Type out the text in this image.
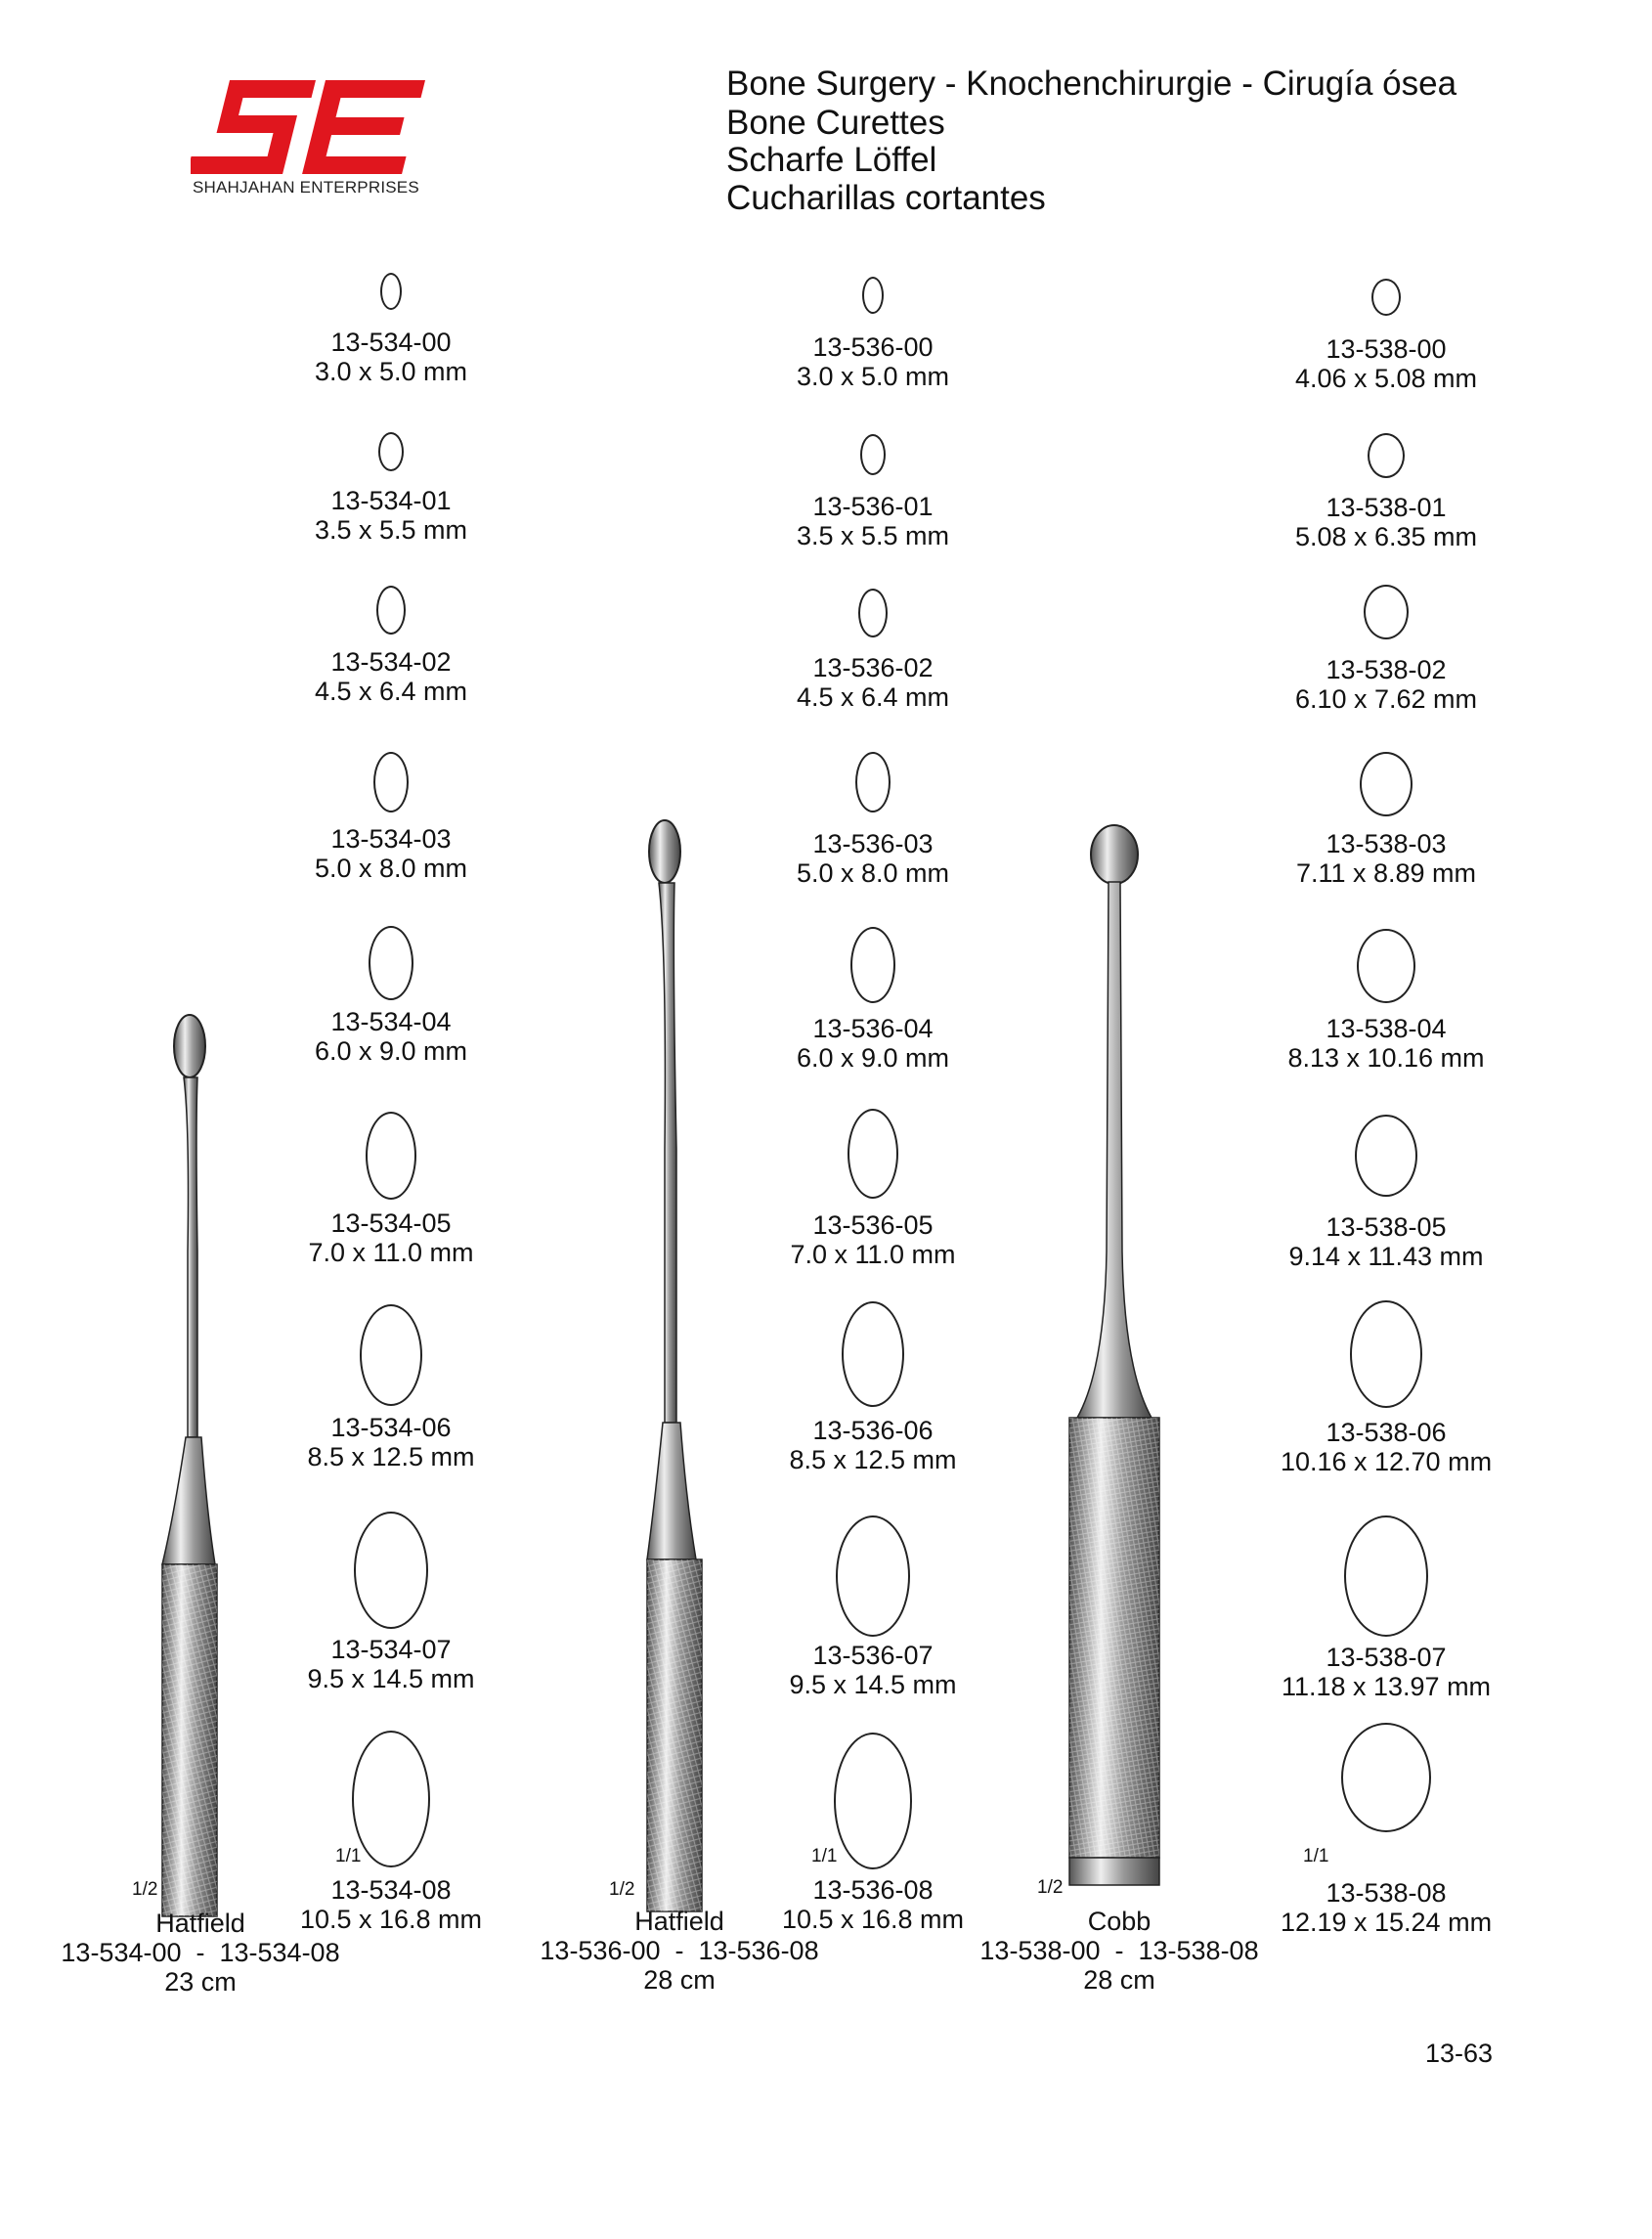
SHAHJAHAN ENTERPRISES
Bone Surgery - Knochenchirurgie - Cirugía ósea
Bone Curettes
Scharfe Löffel
Cucharillas cortantes
13-534-00
3.0 x 5.0 mm
13-534-01
3.5 x 5.5 mm
13-534-02
4.5 x 6.4 mm
13-534-03
5.0 x 8.0 mm
13-534-04
6.0 x 9.0 mm
13-534-05
7.0 x 11.0 mm
13-534-06
8.5 x 12.5 mm
13-534-07
9.5 x 14.5 mm
13-534-08
10.5 x 16.8 mm
13-536-00
3.0 x 5.0 mm
13-536-01
3.5 x 5.5 mm
13-536-02
4.5 x 6.4 mm
13-536-03
5.0 x 8.0 mm
13-536-04
6.0 x 9.0 mm
13-536-05
7.0 x 11.0 mm
13-536-06
8.5 x 12.5 mm
13-536-07
9.5 x 14.5 mm
13-536-08
10.5 x 16.8 mm
13-538-00
4.06 x 5.08 mm
13-538-01
5.08 x 6.35 mm
13-538-02
6.10 x 7.62 mm
13-538-03
7.11 x 8.89 mm
13-538-04
8.13 x 10.16 mm
13-538-05
9.14 x 11.43 mm
13-538-06
10.16 x 12.70 mm
13-538-07
11.18 x 13.97 mm
13-538-08
12.19 x 15.24 mm
1/2	1/2	1/2
1/1	1/1	1/1
Hatfield
13-534-00  -  13-534-08
23 cm
Hatfield
13-536-00  -  13-536-08
28 cm
Cobb
13-538-00  -  13-538-08
28 cm
13-63
